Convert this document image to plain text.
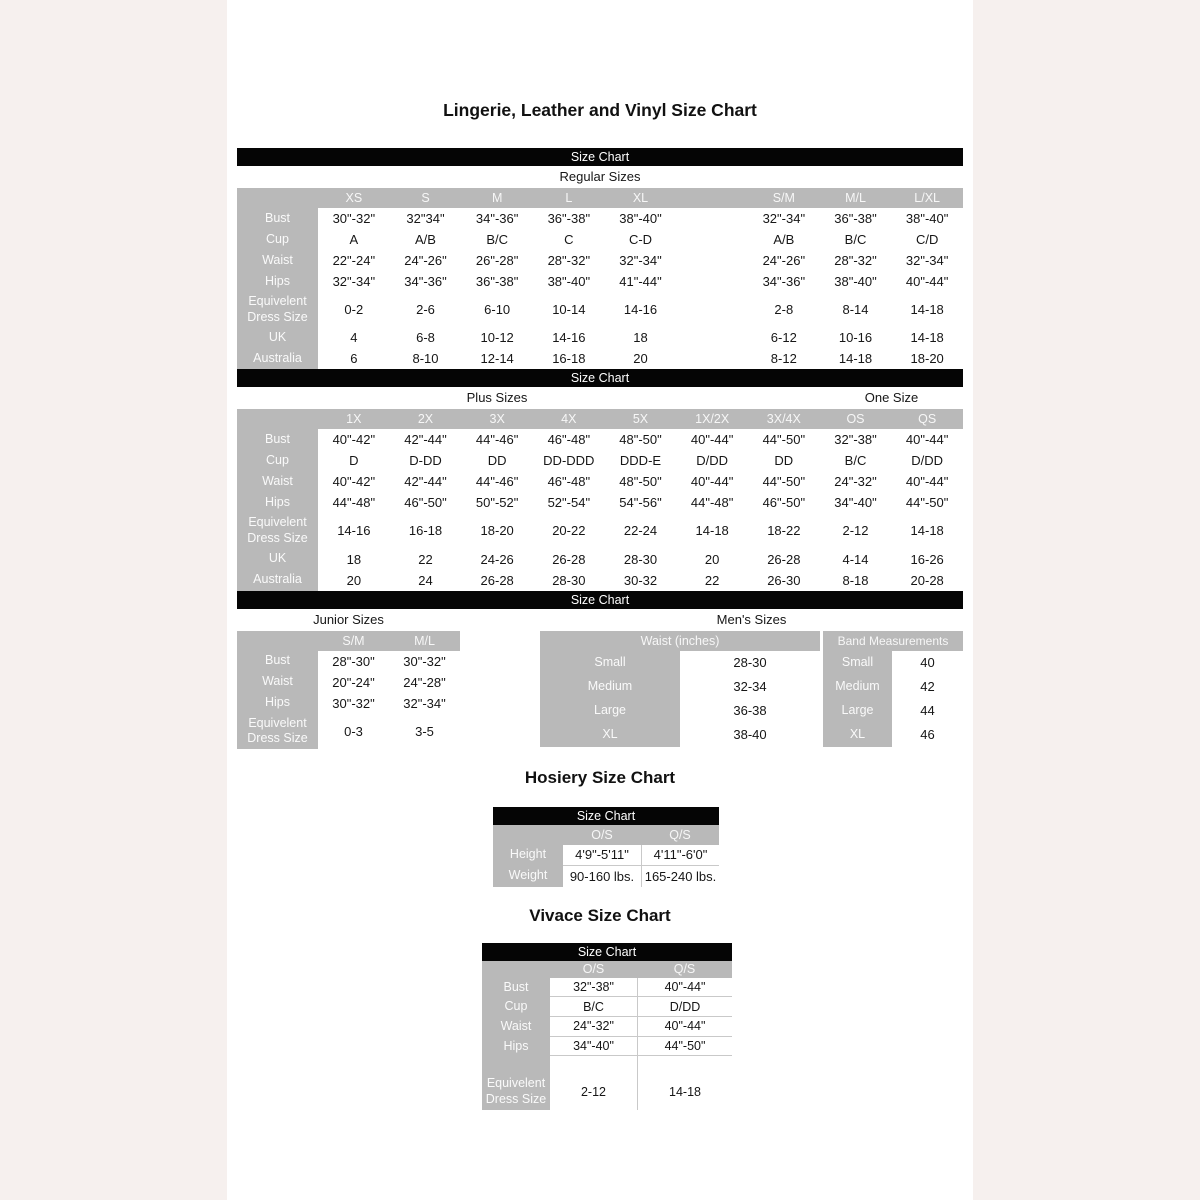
Lingerie, Leather and Vinyl Size Chart
Size Chart
Regular Sizes
XS	S	M	L	XL	S/M	M/L	L/XL
Bust	30"-32"	32"34"	34"-36"	36"-38"	38"-40"	32"-34"	36"-38"	38"-40"
Cup	A	A/B	B/C	C	C-D	A/B	B/C	C/D
Waist	22"-24"	24"-26"	26"-28"	28"-32"	32"-34"	24"-26"	28"-32"	32"-34"
Hips	32"-34"	34"-36"	36"-38"	38"-40"	41"-44"	34"-36"	38"-40"	40"-44"
Equivelent Dress Size	0-2	2-6	6-10	10-14	14-16	2-8	8-14	14-18
UK	4	6-8	10-12	14-16	18	6-12	10-16	14-18
Australia	6	8-10	12-14	16-18	20	8-12	14-18	18-20
Size Chart
Plus Sizes	One Size
1X	2X	3X	4X	5X	1X/2X	3X/4X	OS	QS
Bust	40"-42"	42"-44"	44"-46"	46"-48"	48"-50"	40"-44"	44"-50"	32"-38"	40"-44"
Cup	D	D-DD	DD	DD-DDD	DDD-E	D/DD	DD	B/C	D/DD
Waist	40"-42"	42"-44"	44"-46"	46"-48"	48"-50"	40"-44"	44"-50"	24"-32"	40"-44"
Hips	44"-48"	46"-50"	50"-52"	52"-54"	54"-56"	44"-48"	46"-50"	34"-40"	44"-50"
Equivelent Dress Size	14-16	16-18	18-20	20-22	22-24	14-18	18-22	2-12	14-18
UK	18	22	24-26	26-28	28-30	20	26-28	4-14	16-26
Australia	20	24	26-28	28-30	30-32	22	26-30	8-18	20-28
Size Chart
Junior Sizes	Men's Sizes
S/M	M/L
Bust	28"-30"	30"-32"
Waist	20"-24"	24"-28"
Hips	30"-32"	32"-34"
Equivelent Dress Size	0-3	3-5
Waist (inches)
Small	28-30
Medium	32-34
Large	36-38
XL	38-40
Band Measurements
Small	40
Medium	42
Large	44
XL	46
Hosiery Size Chart
Size Chart
O/S	Q/S
Height	4'9"-5'11"	4'11"-6'0"
Weight	90-160 lbs. 165-240 lbs.
Vivace Size Chart
Size Chart
O/S	Q/S
Bust	32"-38"	40"-44"
Cup	B/C	D/DD
Waist	24"-32"	40"-44"
Hips	34"-40"	44"-50"
Equivelent Dress Size	2-12	14-18
